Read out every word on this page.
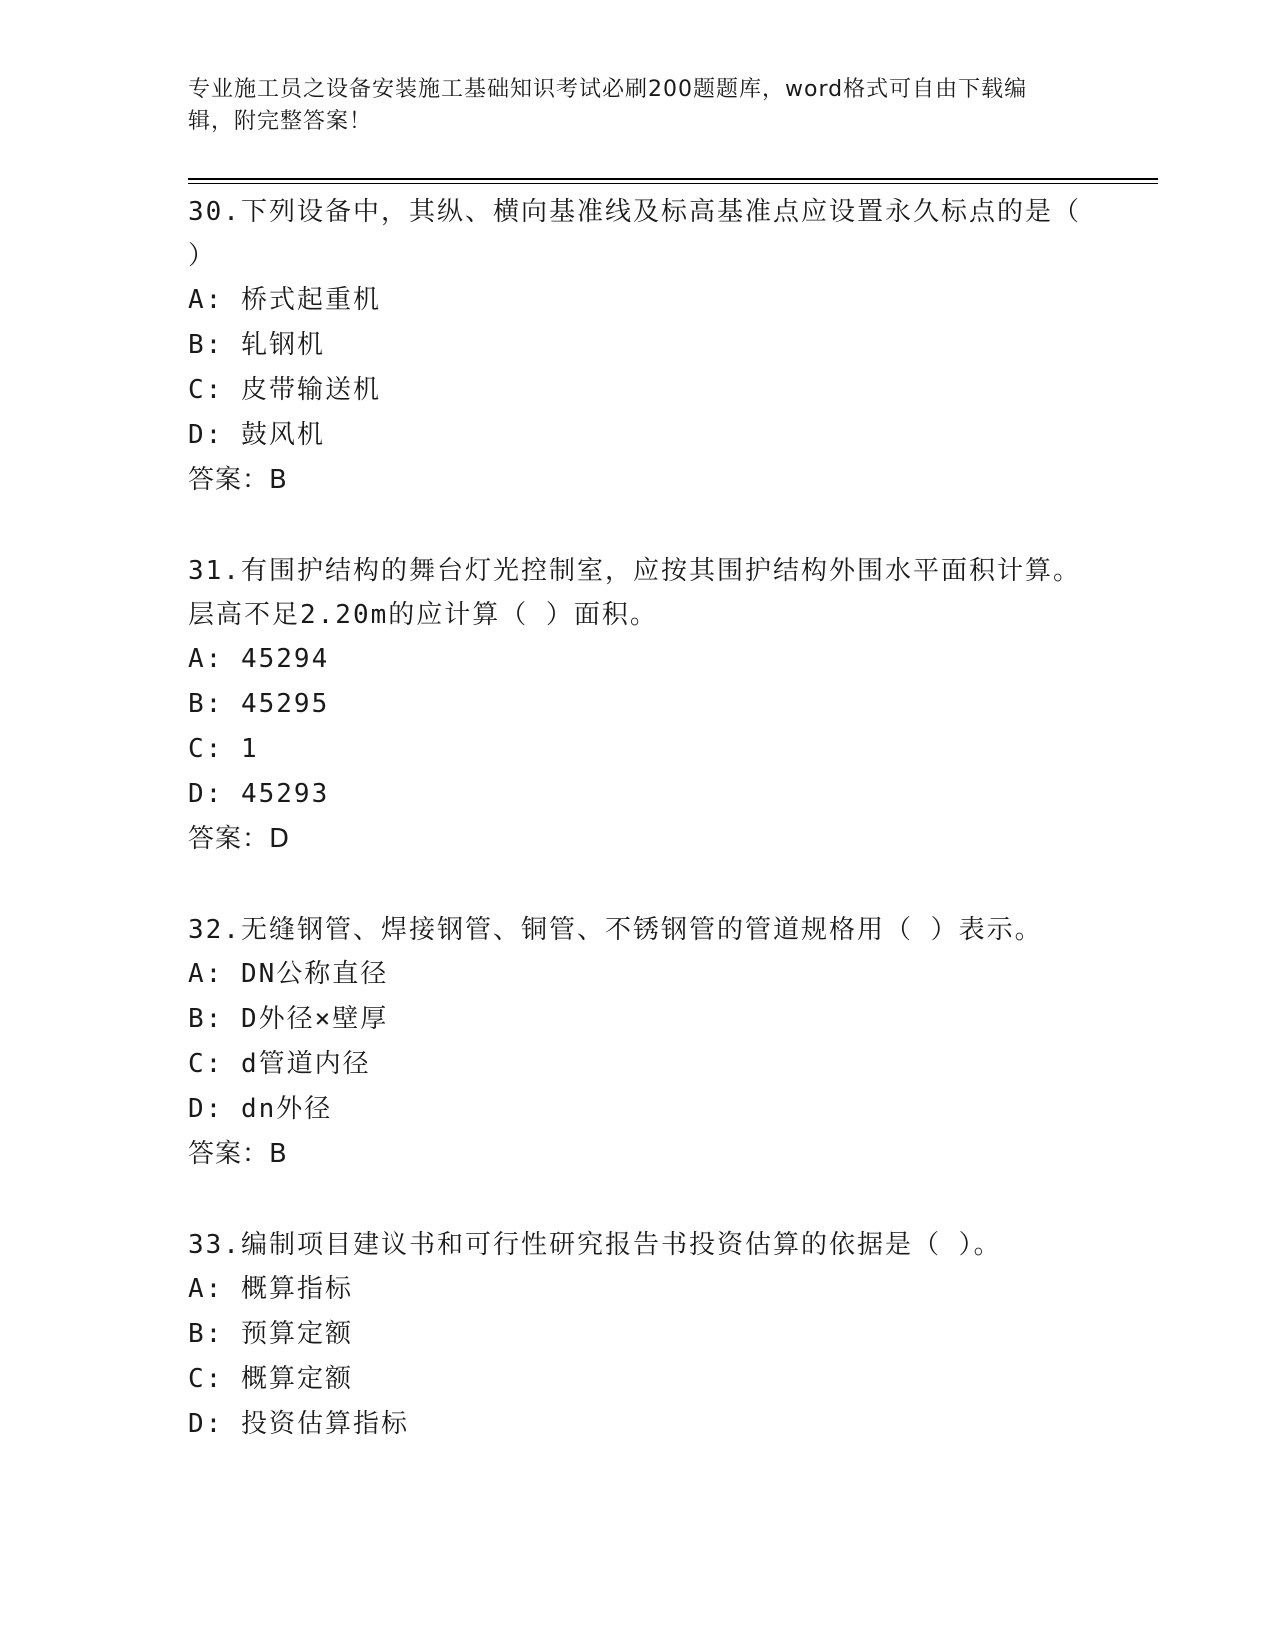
专业施工员之设备安装施工基础知识考试必刷200题题库，word格式可自由下载编辑，附完整答案！
30.下列设备中，其纵、横向基准线及标高基准点应设置永久标点的是（ ）
A: 桥式起重机
B: 轧钢机
C: 皮带输送机
D: 鼓风机
答案：B
31.有围护结构的舞台灯光控制室，应按其围护结构外围水平面积计算。层高不足2.20m的应计算（ ）面积。
A: 45294
B: 45295
C: 1
D: 45293
答案：D
32.无缝钢管、焊接钢管、铜管、不锈钢管的管道规格用（ ）表示。
A: DN公称直径
B: D外径×壁厚
C: d管道内径
D: dn外径
答案：B
33.编制项目建议书和可行性研究报告书投资估算的依据是（ ）。
A: 概算指标
B: 预算定额
C: 概算定额
D: 投资估算指标
